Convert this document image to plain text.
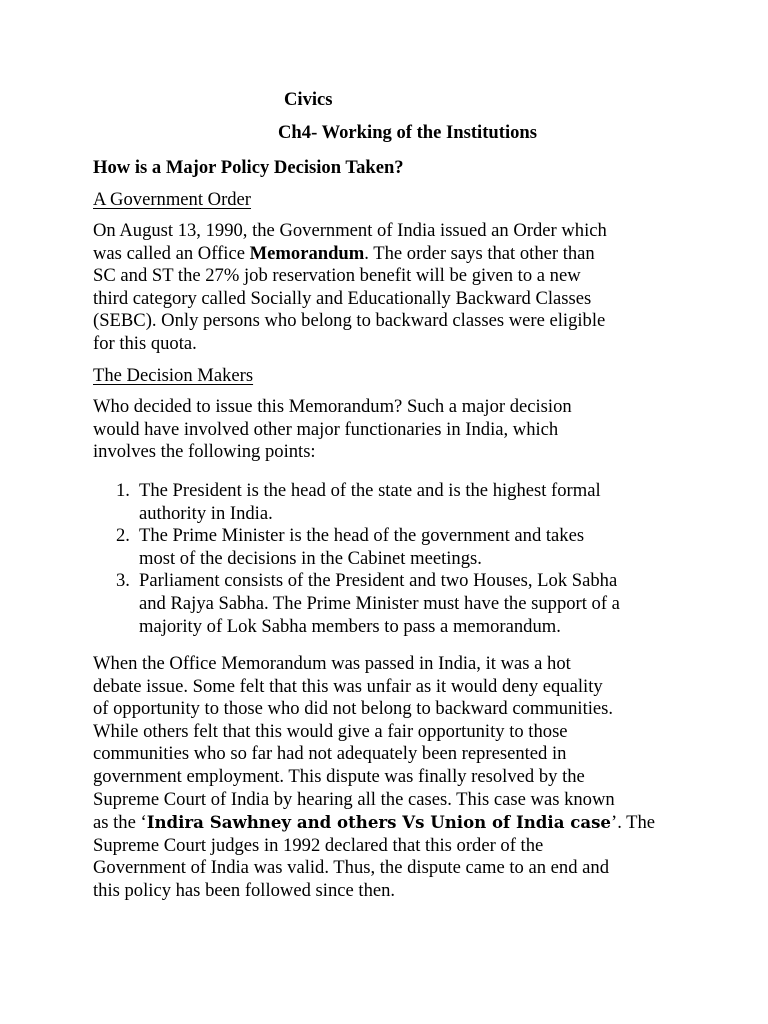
Civics

Ch4- Working of the Institutions

How is a Major Policy Decision Taken?

A Government Order

On August 13, 1990, the Government of India issued an Order which
was called an Office Memorandum. The order says that other than
SC and ST the 27% job reservation benefit will be given to a new
third category called Socially and Educationally Backward Classes
(SEBC). Only persons who belong to backward classes were eligible
for this quota.

The Decision Makers

Who decided to issue this Memorandum? Such a major decision
would have involved other major functionaries in India, which
involves the following points:

1. The President is the head of the state and is the highest formal
authority in India.
2. The Prime Minister is the head of the government and takes
most of the decisions in the Cabinet meetings.
3. Parliament consists of the President and two Houses, Lok Sabha
and Rajya Sabha. The Prime Minister must have the support of a
majority of Lok Sabha members to pass a memorandum.

When the Office Memorandum was passed in India, it was a hot
debate issue. Some felt that this was unfair as it would deny equality
of opportunity to those who did not belong to backward communities.
While others felt that this would give a fair opportunity to those
communities who so far had not adequately been represented in
government employment. This dispute was finally resolved by the
Supreme Court of India by hearing all the cases. This case was known
as the ‘Indira Sawhney and others Vs Union of India case’. The
Supreme Court judges in 1992 declared that this order of the
Government of India was valid. Thus, the dispute came to an end and
this policy has been followed since then.
